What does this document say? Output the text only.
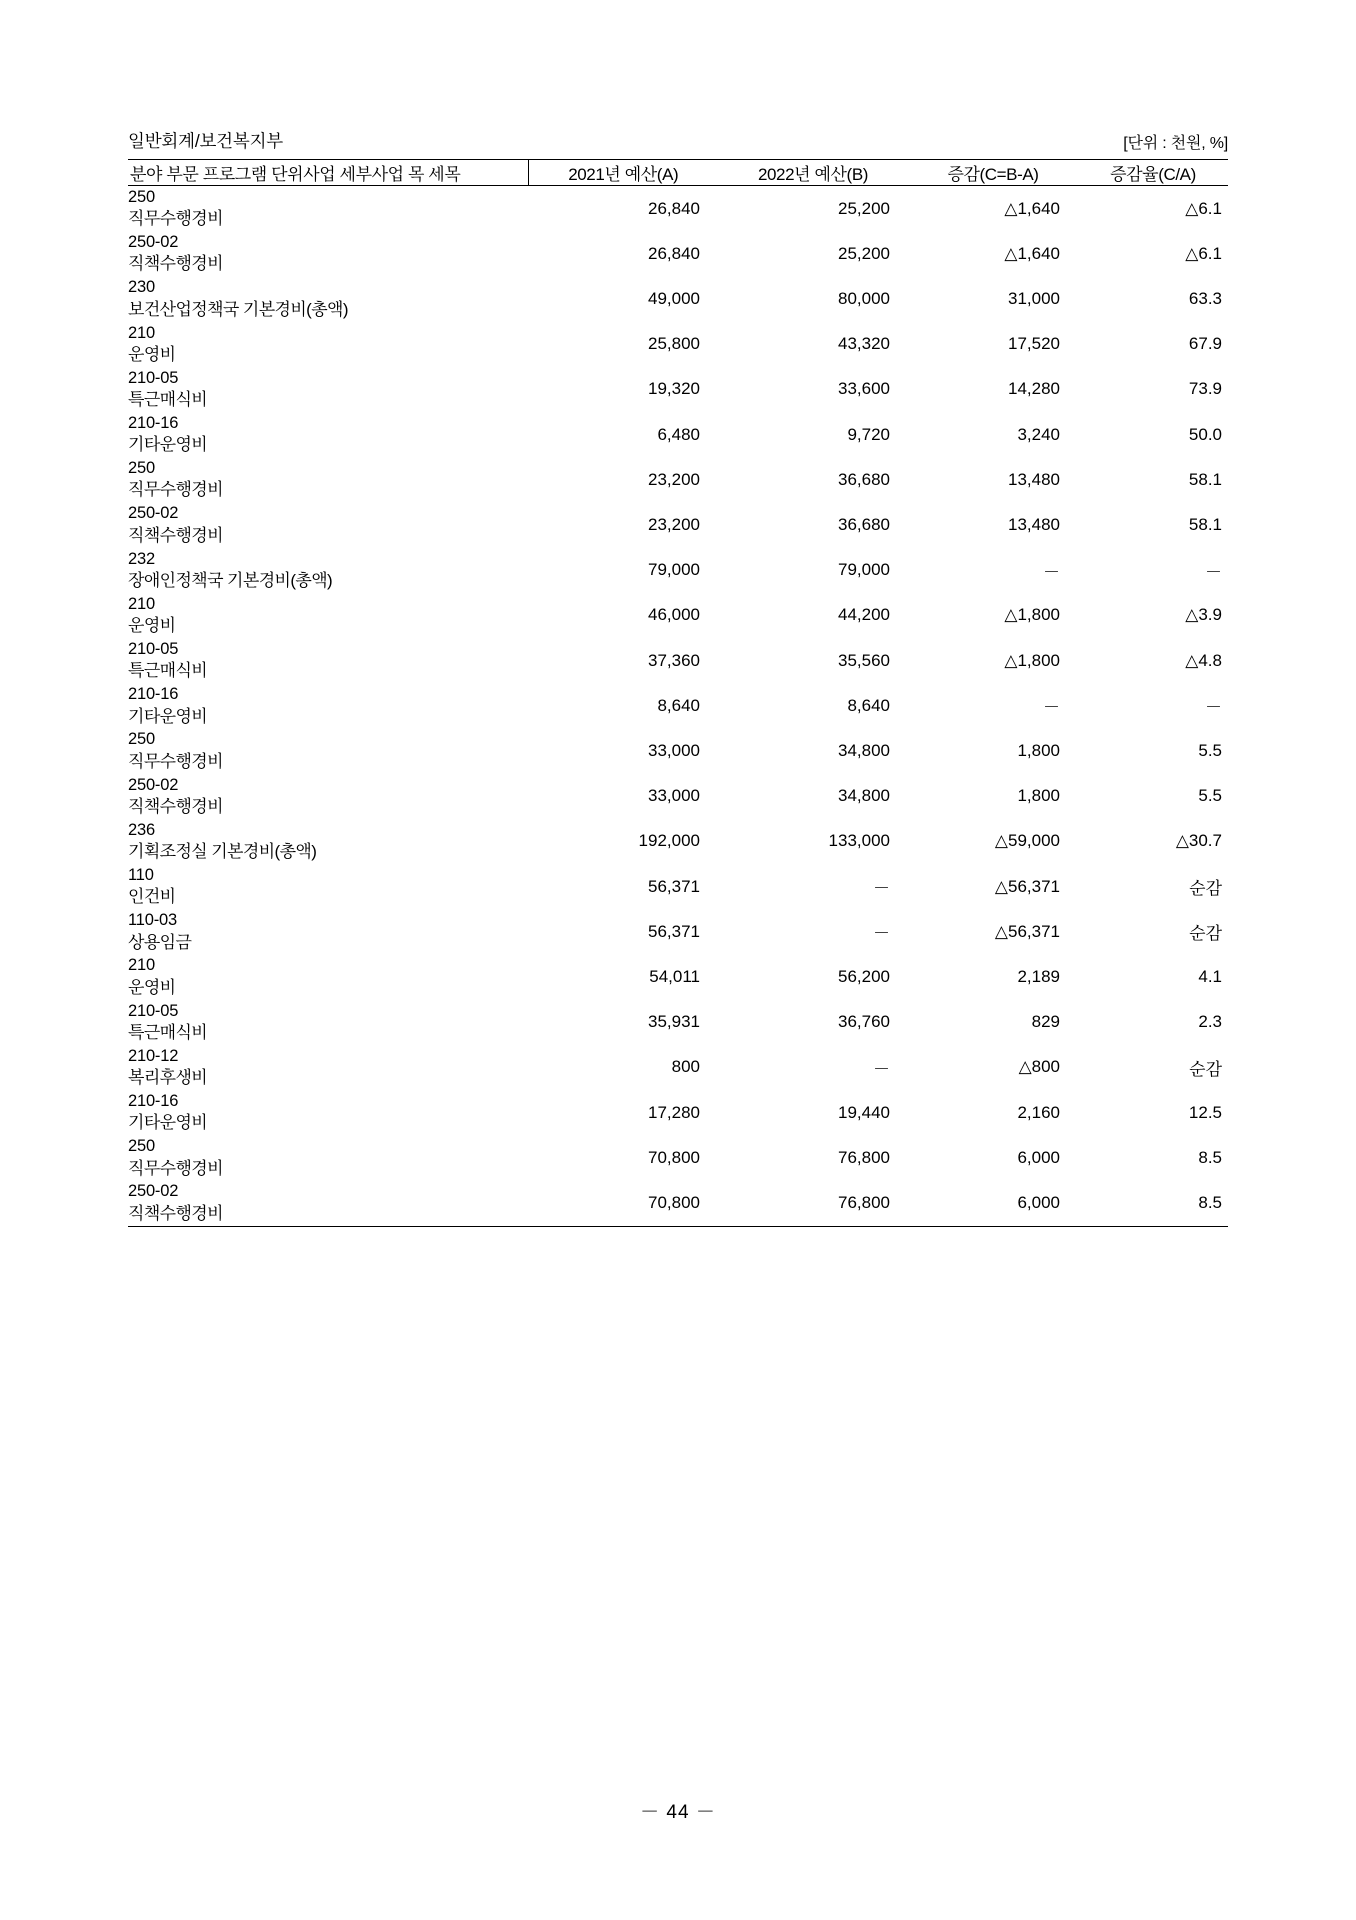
일반회계/보건복지부	[단위 : 천원, %]
분야 부문 프로그램 단위사업 세부사업 목 세목	2021년 예산(A)	2022년 예산(B)	증감(C=B-A)	증감율(C/A)
250
직무수행경비	26,840	25,200	△1,640	△6.1

250-02
직책수행경비	26,840	25,200	△1,640	△6.1

230
보건산업정책국 기본경비(총액)	49,000	80,000	31,000	63.3

210
운영비	25,800	43,320	17,520	67.9

210-05
특근매식비	19,320	33,600	14,280	73.9

210-16
기타운영비	6,480	9,720	3,240	50.0

250
직무수행경비	23,200	36,680	13,480	58.1

250-02
직책수행경비	23,200	36,680	13,480	58.1

232
장애인정책국 기본경비(총액)	79,000	79,000	－	－

210
운영비	46,000	44,200	△1,800	△3.9

210-05
특근매식비	37,360	35,560	△1,800	△4.8

210-16
기타운영비	8,640	8,640	－	－

250
직무수행경비	33,000	34,800	1,800	5.5

250-02
직책수행경비	33,000	34,800	1,800	5.5

236
기획조정실 기본경비(총액)	192,000	133,000	△59,000	△30.7

110
인건비	56,371	－	△56,371	순감

110-03
상용임금	56,371	－	△56,371	순감

210
운영비	54,011	56,200	2,189	4.1

210-05
특근매식비	35,931	36,760	829	2.3

210-12
복리후생비	800	－	△800	순감

210-16
기타운영비	17,280	19,440	2,160	12.5

250
직무수행경비	70,800	76,800	6,000	8.5

250-02
직책수행경비	70,800	76,800	6,000	8.5
－ 44 －
